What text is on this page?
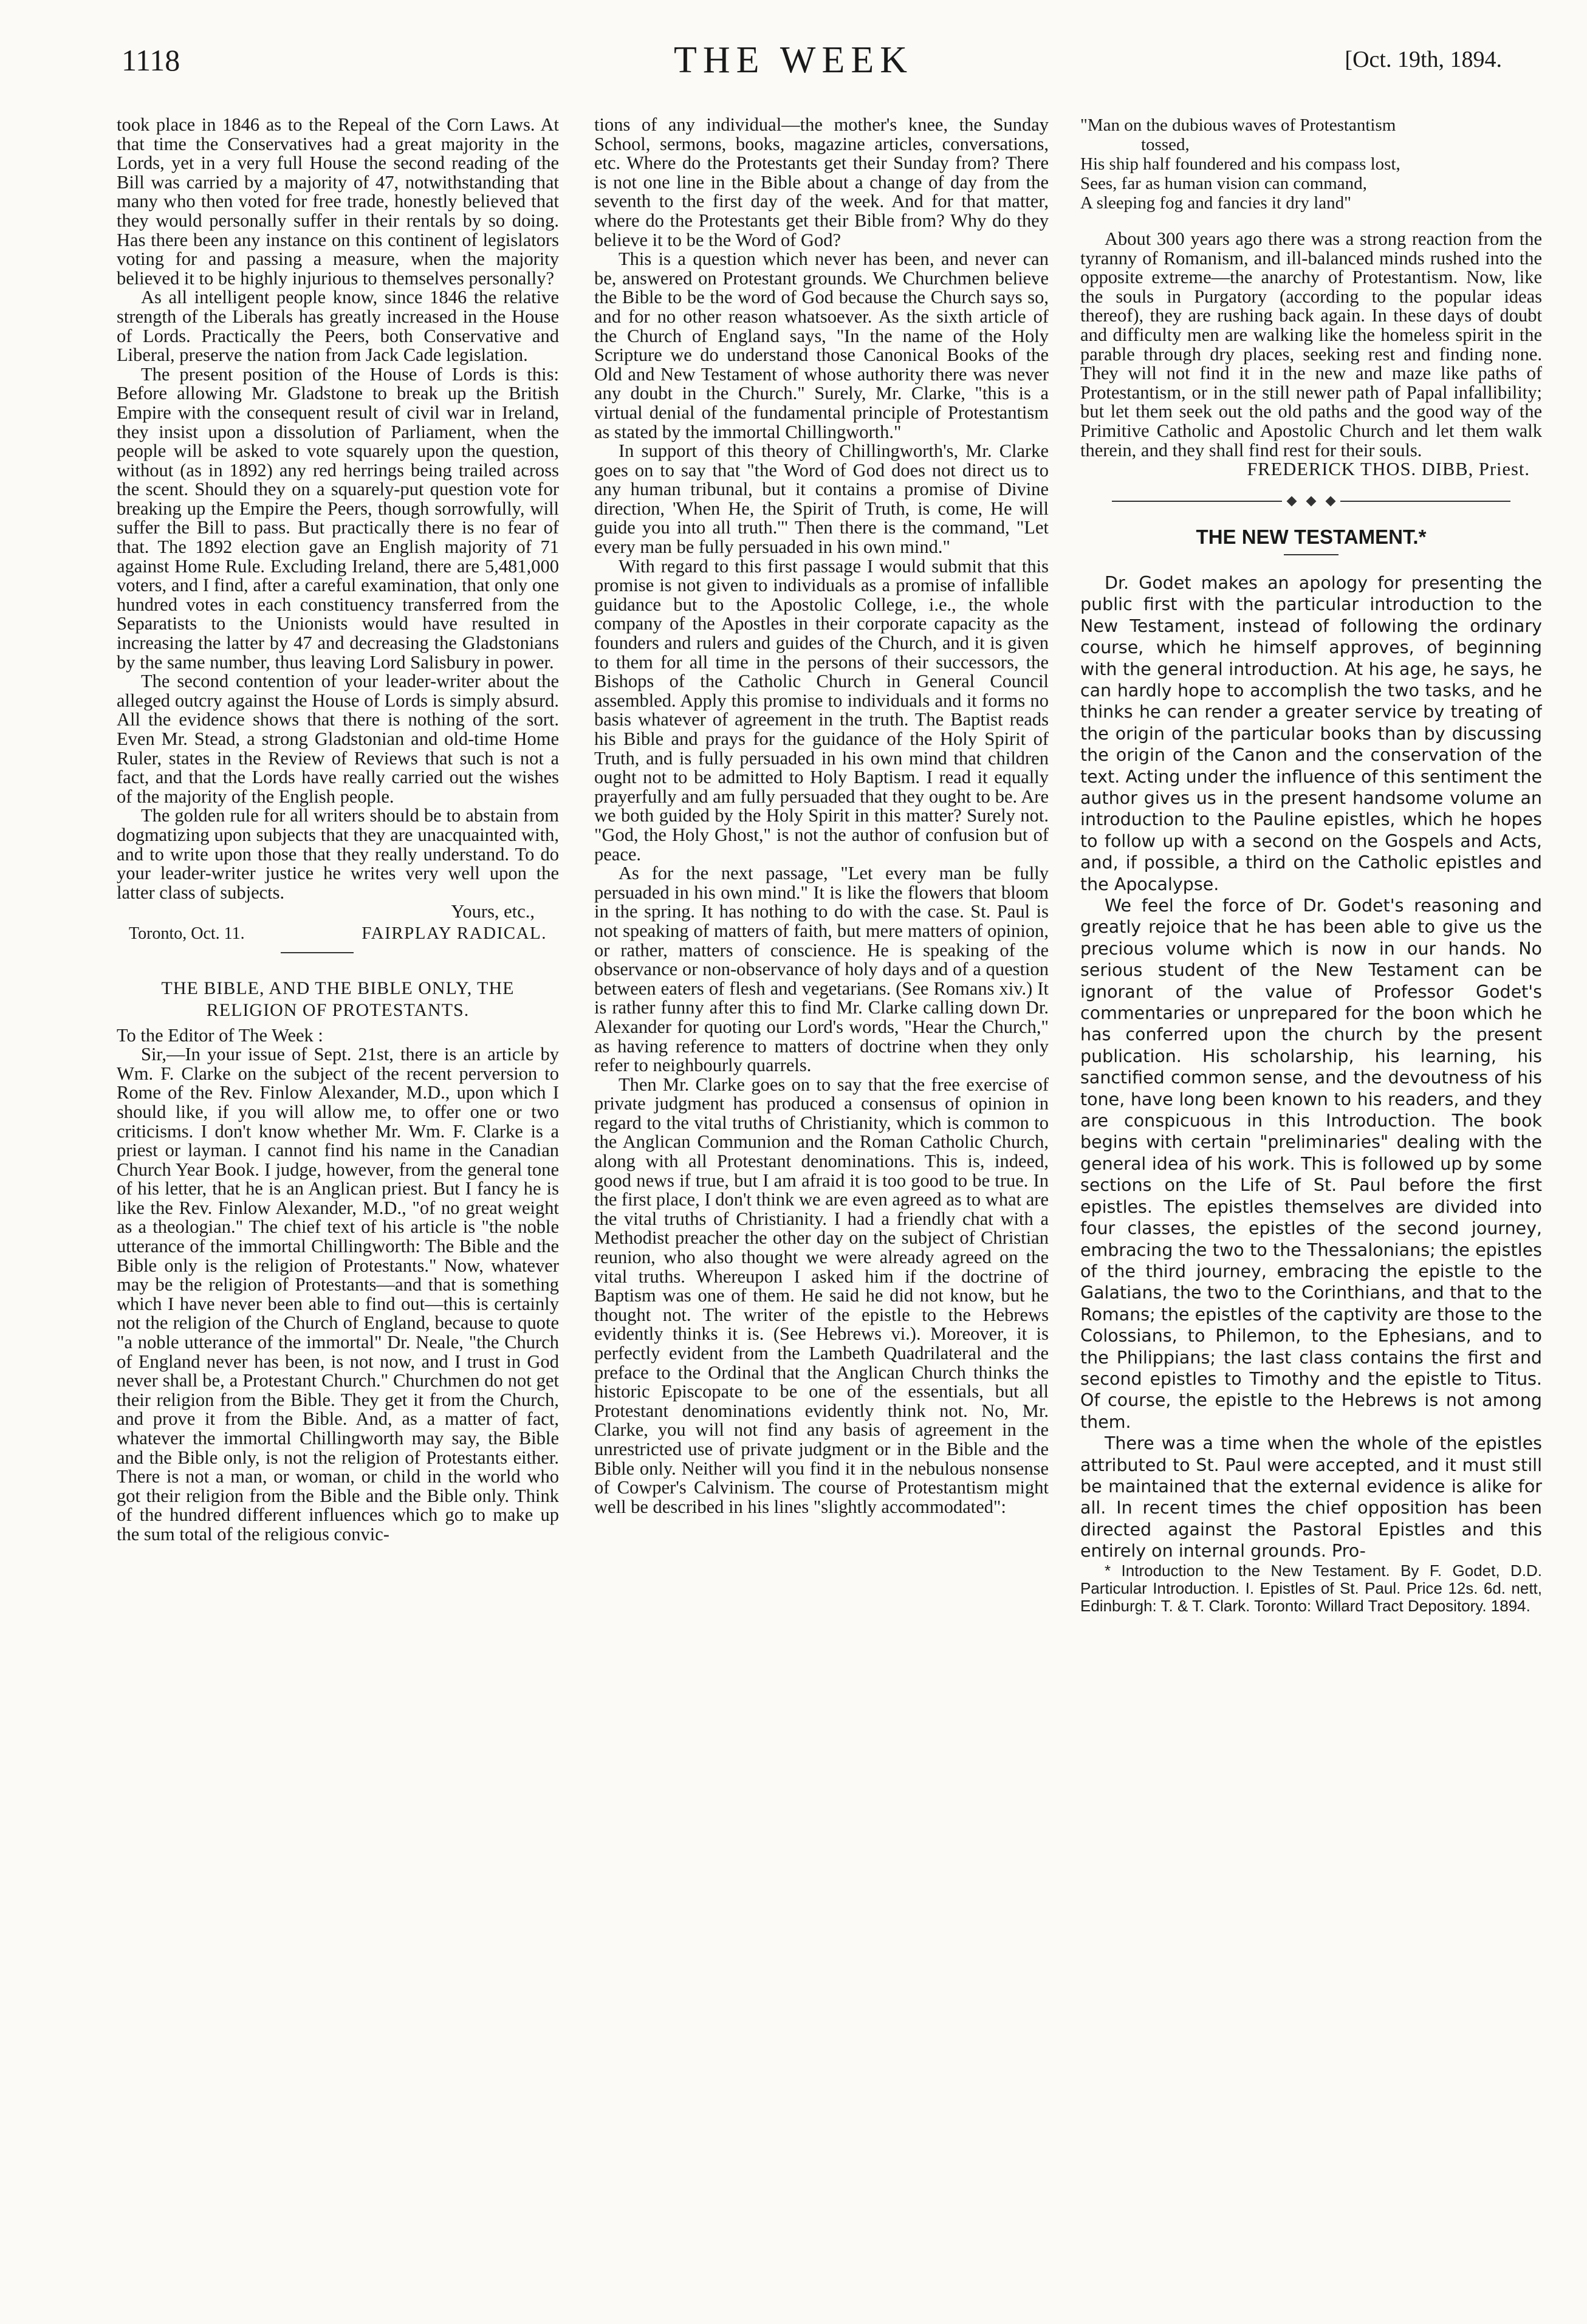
1118	THE WEEK	[Oct. 19th, 1894.

took place in 1846 as to the Repeal of the Corn Laws. At that time the Conservatives had a great majority in the Lords, yet in a very full House the second reading of the Bill was carried by a majority of 47, notwithstanding that many who then voted for free trade, honestly believed that they would personally suffer in their rentals by so doing. Has there been any instance on this continent of legislators voting for and passing a measure, when the majority believed it to be highly injurious to themselves personally?

As all intelligent people know, since 1846 the relative strength of the Liberals has greatly increased in the House of Lords. Practically the Peers, both Conservative and Liberal, preserve the nation from Jack Cade legislation.

The present position of the House of Lords is this: Before allowing Mr. Gladstone to break up the British Empire with the consequent result of civil war in Ireland, they insist upon a dissolution of Parliament, when the people will be asked to vote squarely upon the question, without (as in 1892) any red herrings being trailed across the scent. Should they on a squarely-put question vote for breaking up the Empire the Peers, though sorrowfully, will suffer the Bill to pass. But practically there is no fear of that. The 1892 election gave an English majority of 71 against Home Rule. Excluding Ireland, there are 5,481,000 voters, and I find, after a careful examination, that only one hundred votes in each constituency transferred from the Separatists to the Unionists would have resulted in increasing the latter by 47 and decreasing the Gladstonians by the same number, thus leaving Lord Salisbury in power.

The second contention of your leader-writer about the alleged outcry against the House of Lords is simply absurd. All the evidence shows that there is nothing of the sort. Even Mr. Stead, a strong Gladstonian and old-time Home Ruler, states in the Review of Reviews that such is not a fact, and that the Lords have really carried out the wishes of the majority of the English people.

The golden rule for all writers should be to abstain from dogmatizing upon subjects that they are unacquainted with, and to write upon those that they really understand. To do your leader-writer justice he writes very well upon the latter class of subjects.

Yours, etc.,

Toronto, Oct. 11.	FAIRPLAY RADICAL.
THE BIBLE, AND THE BIBLE ONLY, THE
RELIGION OF PROTESTANTS.

To the Editor of The Week :

Sir,—In your issue of Sept. 21st, there is an article by Wm. F. Clarke on the subject of the recent perversion to Rome of the Rev. Finlow Alexander, M.D., upon which I should like, if you will allow me, to offer one or two criticisms. I don't know whether Mr. Wm. F. Clarke is a priest or layman. I cannot find his name in the Canadian Church Year Book. I judge, however, from the general tone of his letter, that he is an Anglican priest. But I fancy he is like the Rev. Finlow Alexander, M.D., "of no great weight as a theologian." The chief text of his article is "the noble utterance of the immortal Chillingworth: The Bible and the Bible only is the religion of Protestants." Now, whatever may be the religion of Protestants—and that is something which I have never been able to find out—this is certainly not the religion of the Church of England, because to quote "a noble utterance of the immortal" Dr. Neale, "the Church of England never has been, is not now, and I trust in God never shall be, a Protestant Church." Churchmen do not get their religion from the Bible. They get it from the Church, and prove it from the Bible. And, as a matter of fact, whatever the immortal Chillingworth may say, the Bible and the Bible only, is not the religion of Protestants either. There is not a man, or woman, or child in the world who got their religion from the Bible and the Bible only. Think of the hundred different influences which go to make up the sum total of the religious convic-

tions of any individual—the mother's knee, the Sunday School, sermons, books, magazine articles, conversations, etc. Where do the Protestants get their Sunday from? There is not one line in the Bible about a change of day from the seventh to the first day of the week. And for that matter, where do the Protestants get their Bible from? Why do they believe it to be the Word of God?

This is a question which never has been, and never can be, answered on Protestant grounds. We Churchmen believe the Bible to be the word of God because the Church says so, and for no other reason whatsoever. As the sixth article of the Church of England says, "In the name of the Holy Scripture we do understand those Canonical Books of the Old and New Testament of whose authority there was never any doubt in the Church." Surely, Mr. Clarke, "this is a virtual denial of the fundamental principle of Protestantism as stated by the immortal Chillingworth."

In support of this theory of Chillingworth's, Mr. Clarke goes on to say that "the Word of God does not direct us to any human tribunal, but it contains a promise of Divine direction, 'When He, the Spirit of Truth, is come, He will guide you into all truth.'" Then there is the command, "Let every man be fully persuaded in his own mind."

With regard to this first passage I would submit that this promise is not given to individuals as a promise of infallible guidance but to the Apostolic College, i.e., the whole company of the Apostles in their corporate capacity as the founders and rulers and guides of the Church, and it is given to them for all time in the persons of their successors, the Bishops of the Catholic Church in General Council assembled. Apply this promise to individuals and it forms no basis whatever of agreement in the truth. The Baptist reads his Bible and prays for the guidance of the Holy Spirit of Truth, and is fully persuaded in his own mind that children ought not to be admitted to Holy Baptism. I read it equally prayerfully and am fully persuaded that they ought to be. Are we both guided by the Holy Spirit in this matter? Surely not. "God, the Holy Ghost," is not the author of confusion but of peace.

As for the next passage, "Let every man be fully persuaded in his own mind." It is like the flowers that bloom in the spring. It has nothing to do with the case. St. Paul is not speaking of matters of faith, but mere matters of opinion, or rather, matters of conscience. He is speaking of the observance or non-observance of holy days and of a question between eaters of flesh and vegetarians. (See Romans xiv.) It is rather funny after this to find Mr. Clarke calling down Dr. Alexander for quoting our Lord's words, "Hear the Church," as having reference to matters of doctrine when they only refer to neighbourly quarrels.

Then Mr. Clarke goes on to say that the free exercise of private judgment has produced a consensus of opinion in regard to the vital truths of Christianity, which is common to the Anglican Communion and the Roman Catholic Church, along with all Protestant denominations. This is, indeed, good news if true, but I am afraid it is too good to be true. In the first place, I don't think we are even agreed as to what are the vital truths of Christianity. I had a friendly chat with a Methodist preacher the other day on the subject of Christian reunion, who also thought we were already agreed on the vital truths. Whereupon I asked him if the doctrine of Baptism was one of them. He said he did not know, but he thought not. The writer of the epistle to the Hebrews evidently thinks it is. (See Hebrews vi.). Moreover, it is perfectly evident from the Lambeth Quadrilateral and the preface to the Ordinal that the Anglican Church thinks the historic Episcopate to be one of the essentials, but all Protestant denominations evidently think not. No, Mr. Clarke, you will not find any basis of agreement in the unrestricted use of private judgment or in the Bible and the Bible only. Neither will you find it in the nebulous nonsense of Cowper's Calvinism. The course of Protestantism might well be described in his lines "slightly accommodated":

"Man on the dubious waves of Protestantism
tossed,
His ship half foundered and his compass lost,
Sees, far as human vision can command,
A sleeping fog and fancies it dry land"

About 300 years ago there was a strong reaction from the tyranny of Romanism, and ill-balanced minds rushed into the opposite extreme—the anarchy of Protestantism. Now, like the souls in Purgatory (according to the popular ideas thereof), they are rushing back again. In these days of doubt and difficulty men are walking like the homeless spirit in the parable through dry places, seeking rest and finding none. They will not find it in the new and maze like paths of Protestantism, or in the still newer path of Papal infallibility; but let them seek out the old paths and the good way of the Primitive Catholic and Apostolic Church and let them walk therein, and they shall find rest for their souls.

FREDERICK THOS. DIBB, Priest.

THE NEW TESTAMENT.*

Dr. Godet makes an apology for presenting the public first with the particular introduction to the New Testament, instead of following the ordinary course, which he himself approves, of beginning with the general introduction. At his age, he says, he can hardly hope to accomplish the two tasks, and he thinks he can render a greater service by treating of the origin of the particular books than by discussing the origin of the Canon and the conservation of the text. Acting under the influence of this sentiment the author gives us in the present handsome volume an introduction to the Pauline epistles, which he hopes to follow up with a second on the Gospels and Acts, and, if possible, a third on the Catholic epistles and the Apocalypse.

We feel the force of Dr. Godet's reasoning and greatly rejoice that he has been able to give us the precious volume which is now in our hands. No serious student of the New Testament can be ignorant of the value of Professor Godet's commentaries or unprepared for the boon which he has conferred upon the church by the present publication. His scholarship, his learning, his sanctified common sense, and the devoutness of his tone, have long been known to his readers, and they are conspicuous in this Introduction. The book begins with certain "preliminaries" dealing with the general idea of his work. This is followed up by some sections on the Life of St. Paul before the first epistles. The epistles themselves are divided into four classes, the epistles of the second journey, embracing the two to the Thessalonians; the epistles of the third journey, embracing the epistle to the Galatians, the two to the Corinthians, and that to the Romans; the epistles of the captivity are those to the Colossians, to Philemon, to the Ephesians, and to the Philippians; the last class contains the first and second epistles to Timothy and the epistle to Titus. Of course, the epistle to the Hebrews is not among them.

There was a time when the whole of the epistles attributed to St. Paul were accepted, and it must still be maintained that the external evidence is alike for all. In recent times the chief opposition has been directed against the Pastoral Epistles and this entirely on internal grounds. Pro-

* Introduction to the New Testament. By F. Godet, D.D. Particular Introduction. I. Epistles of St. Paul. Price 12s. 6d. nett, Edinburgh: T. & T. Clark. Toronto: Willard Tract Depository. 1894.
